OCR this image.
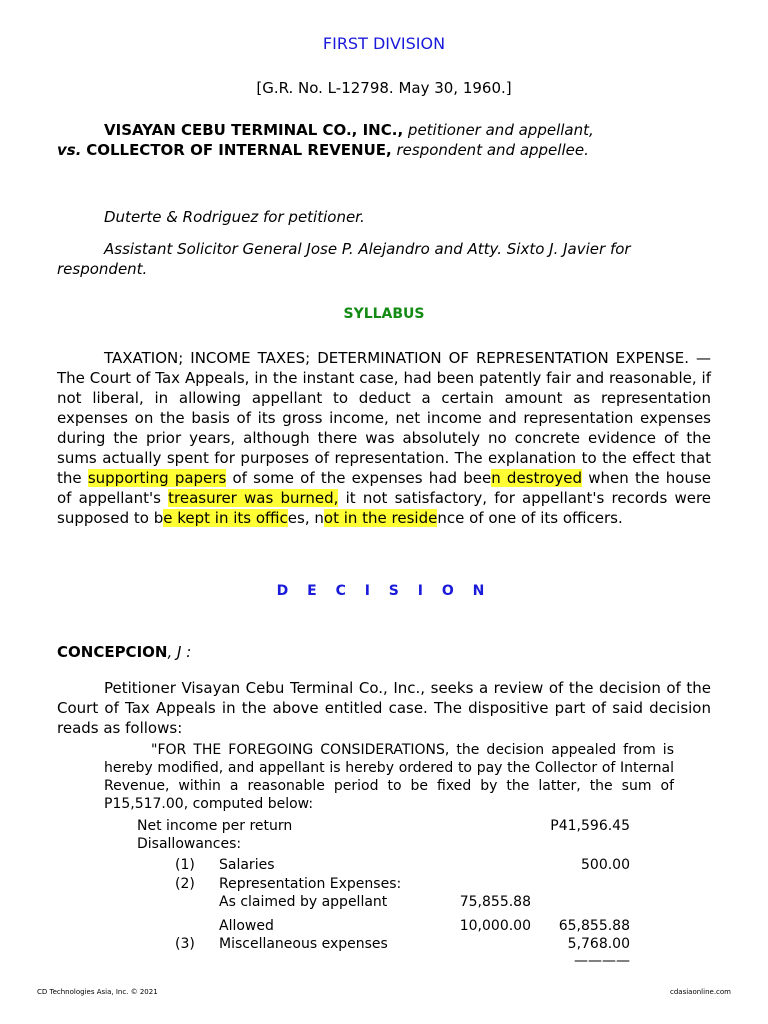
FIRST DIVISION
[G.R. No. L-12798. May 30, 1960.]
VISAYAN CEBU TERMINAL CO., INC., petitioner and appellant,
vs. COLLECTOR OF INTERNAL REVENUE, respondent and appellee.
Duterte & Rodriguez for petitioner.
Assistant Solicitor General Jose P. Alejandro and Atty. Sixto J. Javier for respondent.
SYLLABUS
TAXATION; INCOME TAXES; DETERMINATION OF REPRESENTATION EXPENSE. — The Court of Tax Appeals, in the instant case, had been patently fair and reasonable, if not liberal, in allowing appellant to deduct a certain amount as representation expenses on the basis of its gross income, net income and representation expenses during the prior years, although there was absolutely no concrete evidence of the sums actually spent for purposes of representation. The explanation to the effect that the supporting papers of some of the expenses had been destroyed when the house of appellant's treasurer was burned, it not satisfactory, for appellant's records were supposed to be kept in its offices, not in the residence of one of its officers.
D E C I S I O N
CONCEPCION, J :
Petitioner Visayan Cebu Terminal Co., Inc., seeks a review of the decision of the Court of Tax Appeals in the above entitled case. The dispositive part of said decision reads as follows:
"FOR THE FOREGOING CONSIDERATIONS, the decision appealed from is hereby modified, and appellant is hereby ordered to pay the Collector of Internal Revenue, within a reasonable period to be fixed by the latter, the sum of P15,517.00, computed below:
Net income per return	P41,596.45
Disallowances:
(1) Salaries	500.00
(2) Representation Expenses:
As claimed by appellant	75,855.88
Allowed	10,000.00	65,855.88
(3) Miscellaneous expenses	5,768.00
————
CD Technologies Asia, Inc. © 2021	cdasiaonline.com
